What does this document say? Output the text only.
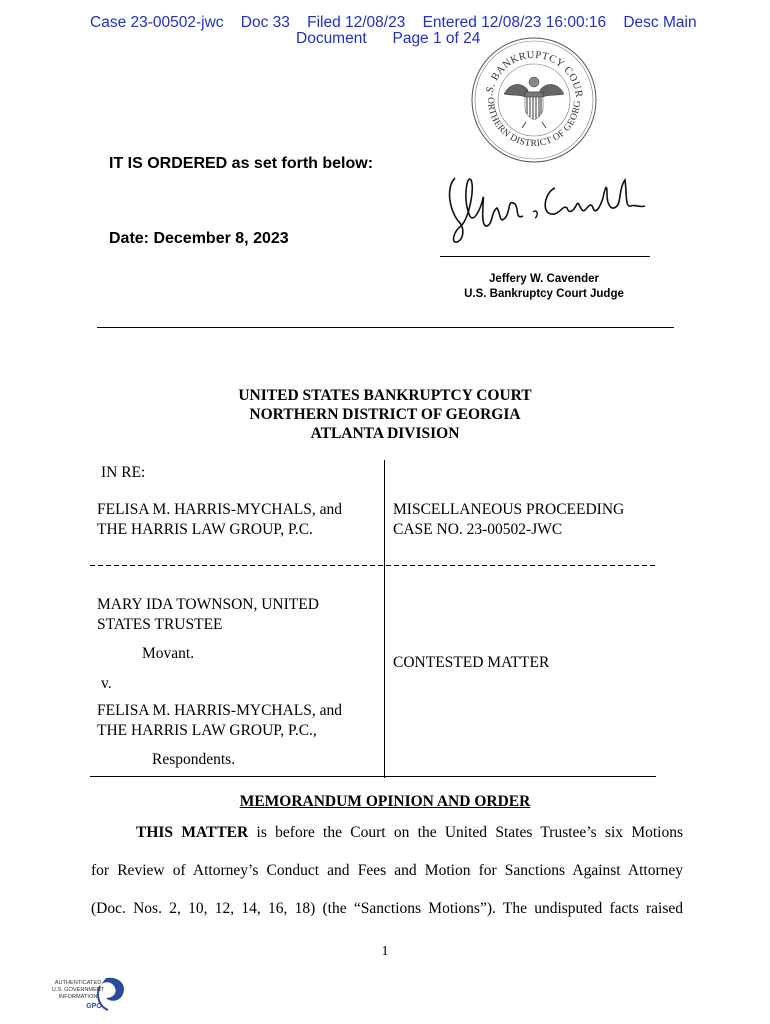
Case 23-00502-jwc    Doc 33    Filed 12/08/23    Entered 12/08/23 16:00:16    Desc Main
Document      Page 1 of 24
.S. BANKRUPTCY COUR
ORTHERN DISTRICT OF GEORG
IT IS ORDERED as set forth below:
Date: December 8, 2023
Jeffery W. Cavender
U.S. Bankruptcy Court Judge
UNITED STATES BANKRUPTCY COURT
NORTHERN DISTRICT OF GEORGIA
ATLANTA DIVISION
IN RE:
FELISA M. HARRIS-MYCHALS, and
THE HARRIS LAW GROUP, P.C.
MISCELLANEOUS PROCEEDING
CASE NO. 23-00502-JWC
MARY IDA TOWNSON, UNITED
STATES TRUSTEE
Movant.
v.
FELISA M. HARRIS-MYCHALS, and
THE HARRIS LAW GROUP, P.C.,
Respondents.
CONTESTED MATTER
MEMORANDUM OPINION AND ORDER
THIS MATTER is before the Court on the United States Trustee’s six Motions
for Review of Attorney’s Conduct and Fees and Motion for Sanctions Against Attorney
(Doc. Nos. 2, 10, 12, 14, 16, 18) (the “Sanctions Motions”). The undisputed facts raised
1
AUTHENTICATED
U.S. GOVERNMENT
INFORMATION
GPO
